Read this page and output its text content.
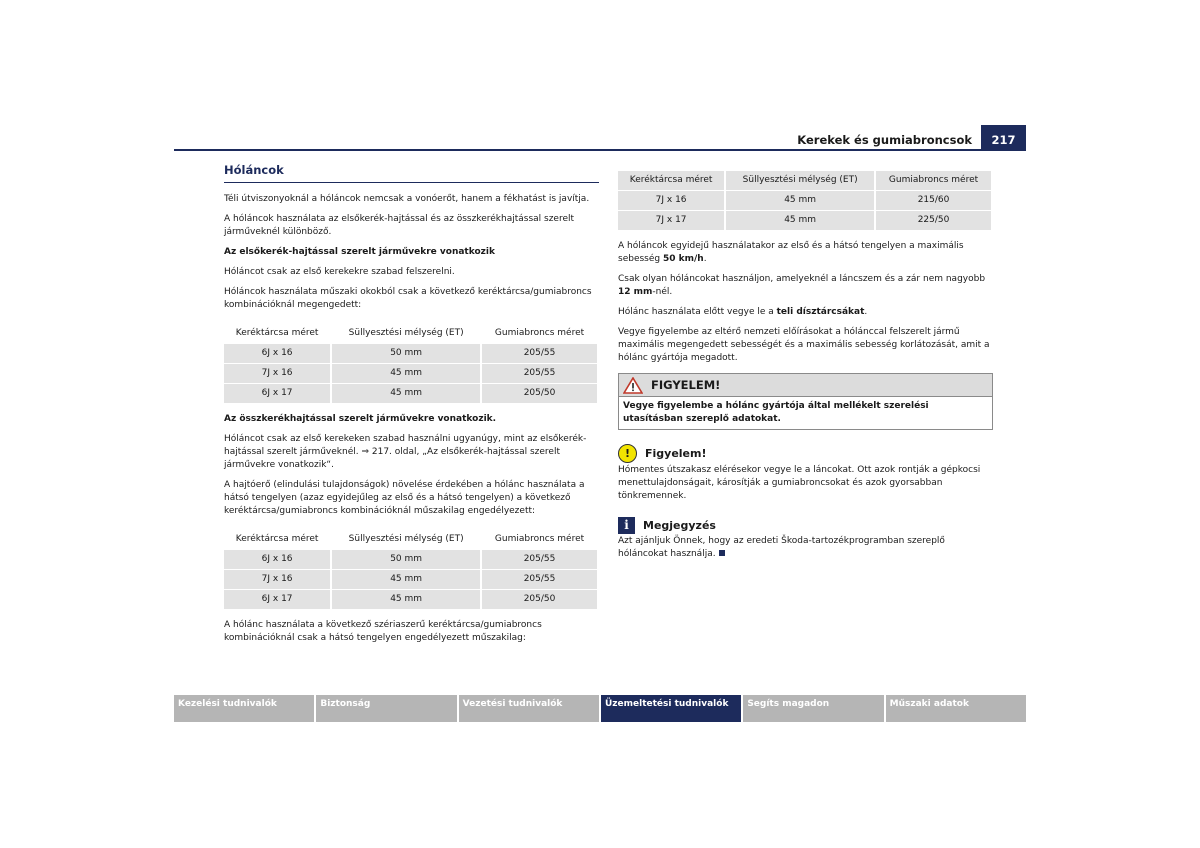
Kerekek és gumiabroncsok	217
Hóláncok

Téli útviszonyoknál a hóláncok nemcsak a vonóerőt, hanem a fékhatást is javítja.

A hóláncok használata az elsőkerék-hajtással és az összkerékhajtással szerelt járműveknél különböző.

Az elsőkerék-hajtással szerelt járművekre vonatkozik

Hóláncot csak az első kerekekre szabad felszerelni.

Hóláncok használata műszaki okokból csak a következő keréktárcsa/gumiabroncs kombinációknál megengedett:

Keréktárcsa méret	Süllyesztési mélység (ET)	Gumiabroncs méret
6J x 16	50 mm	205/55
7J x 16	45 mm	205/55
6J x 17	45 mm	205/50

Az összkerékhajtással szerelt járművekre vonatkozik.

Hóláncot csak az első kerekeken szabad használni ugyanúgy, mint az elsőkerék-hajtással szerelt járműveknél. ⇒ 217. oldal, „Az elsőkerék-hajtással szerelt járművekre vonatkozik“.

A hajtóerő (elindulási tulajdonságok) növelése érdekében a hólánc használata a hátsó tengelyen (azaz egyidejűleg az első és a hátsó tengelyen) a következő keréktárcsa/gumiabroncs kombinációknál műszakilag engedélyezett:

Keréktárcsa méret	Süllyesztési mélység (ET)	Gumiabroncs méret
6J x 16	50 mm	205/55
7J x 16	45 mm	205/55
6J x 17	45 mm	205/50

A hólánc használata a következő szériaszerű keréktárcsa/gumiabroncs kombinációknál csak a hátsó tengelyen engedélyezett műszakilag:

Keréktárcsa méret	Süllyesztési mélység (ET)	Gumiabroncs méret
7J x 16	45 mm	215/60
7J x 17	45 mm	225/50

A hóláncok egyidejű használatakor az első és a hátsó tengelyen a maximális sebesség 50 km/h.

Csak olyan hóláncokat használjon, amelyeknél a láncszem és a zár nem nagyobb 12 mm-nél.

Hólánc használata előtt vegye le a teli dísztárcsákat.

Vegye figyelembe az eltérő nemzeti előírásokat a hólánccal felszerelt jármű maximális megengedett sebességét és a maximális sebesség korlátozását, amit a hólánc gyártója megadott.

FIGYELEM!
Vegye figyelembe a hólánc gyártója által mellékelt szerelési utasításban szereplő adatokat.
!	Figyelem!

Hómentes útszakasz elérésekor vegye le a láncokat. Ott azok rontják a gépkocsi menettulajdonságait, károsítják a gumiabroncsokat és azok gyorsabban tönkremennek.

i	Megjegyzés

Azt ajánljuk Önnek, hogy az eredeti Škoda-tartozékprogramban szereplő hóláncokat használja.

Kezelési tudnivalók	Biztonság	Vezetési tudnivalók	Üzemeltetési tudnivalók	Segíts magadon	Műszaki adatok
